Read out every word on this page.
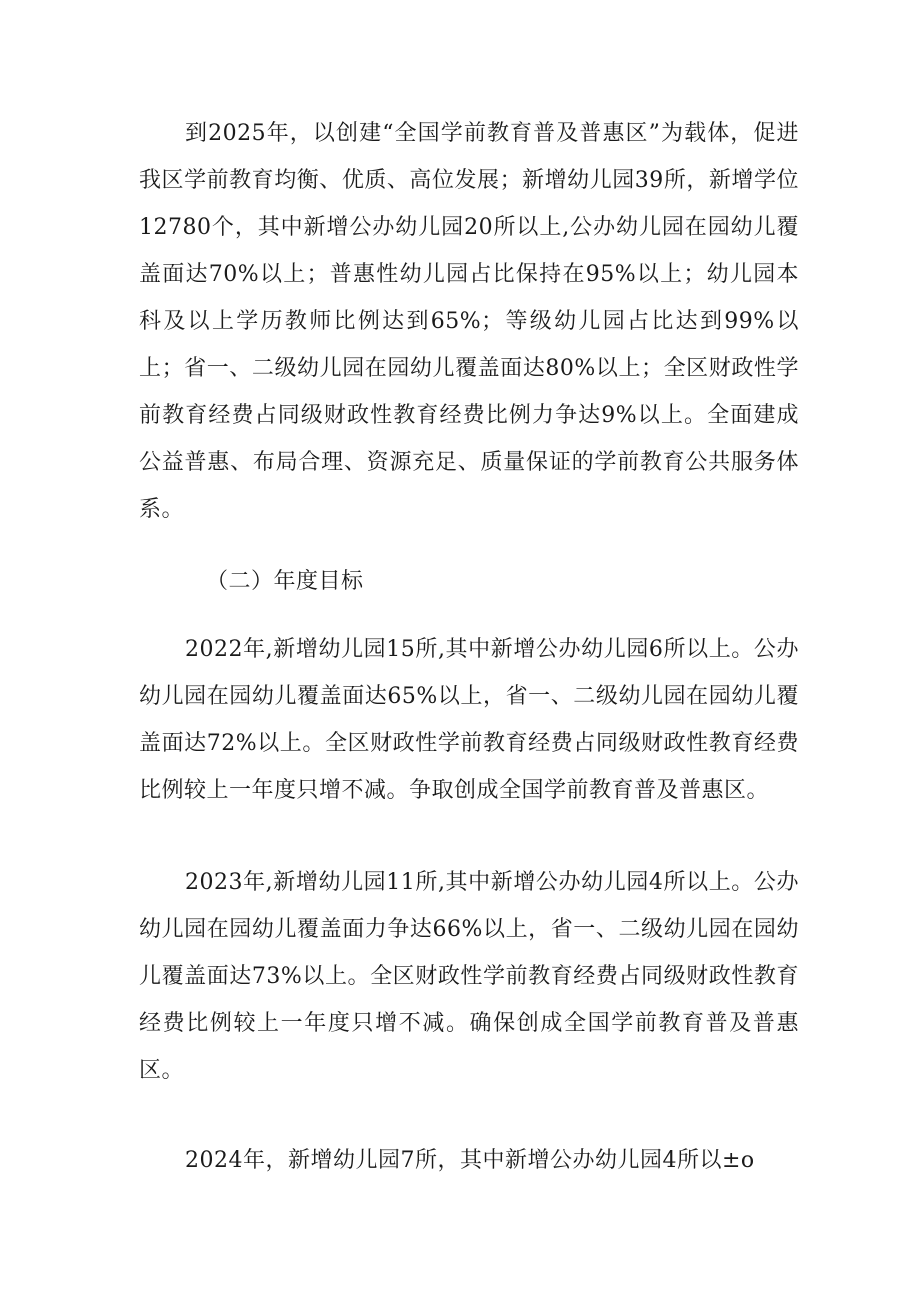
到2025年，以创建“全国学前教育普及普惠区”为载体，促进我区学前教育均衡、优质、高位发展；新增幼儿园39所，新增学位12780个，其中新增公办幼儿园20所以上,公办幼儿园在园幼儿覆盖面达70%以上；普惠性幼儿园占比保持在95%以上；幼儿园本科及以上学历教师比例达到65%；等级幼儿园占比达到99%以上；省一、二级幼儿园在园幼儿覆盖面达80%以上；全区财政性学前教育经费占同级财政性教育经费比例力争达9%以上。全面建成公益普惠、布局合理、资源充足、质量保证的学前教育公共服务体系。

（二）年度目标

2022年,新增幼儿园15所,其中新增公办幼儿园6所以上。公办幼儿园在园幼儿覆盖面达65%以上，省一、二级幼儿园在园幼儿覆盖面达72%以上。全区财政性学前教育经费占同级财政性教育经费比例较上一年度只增不减。争取创成全国学前教育普及普惠区。

2023年,新增幼儿园11所,其中新增公办幼儿园4所以上。公办幼儿园在园幼儿覆盖面力争达66%以上，省一、二级幼儿园在园幼儿覆盖面达73%以上。全区财政性学前教育经费占同级财政性教育经费比例较上一年度只增不减。确保创成全国学前教育普及普惠区。

2024年，新增幼儿园7所，其中新增公办幼儿园4所以±o
